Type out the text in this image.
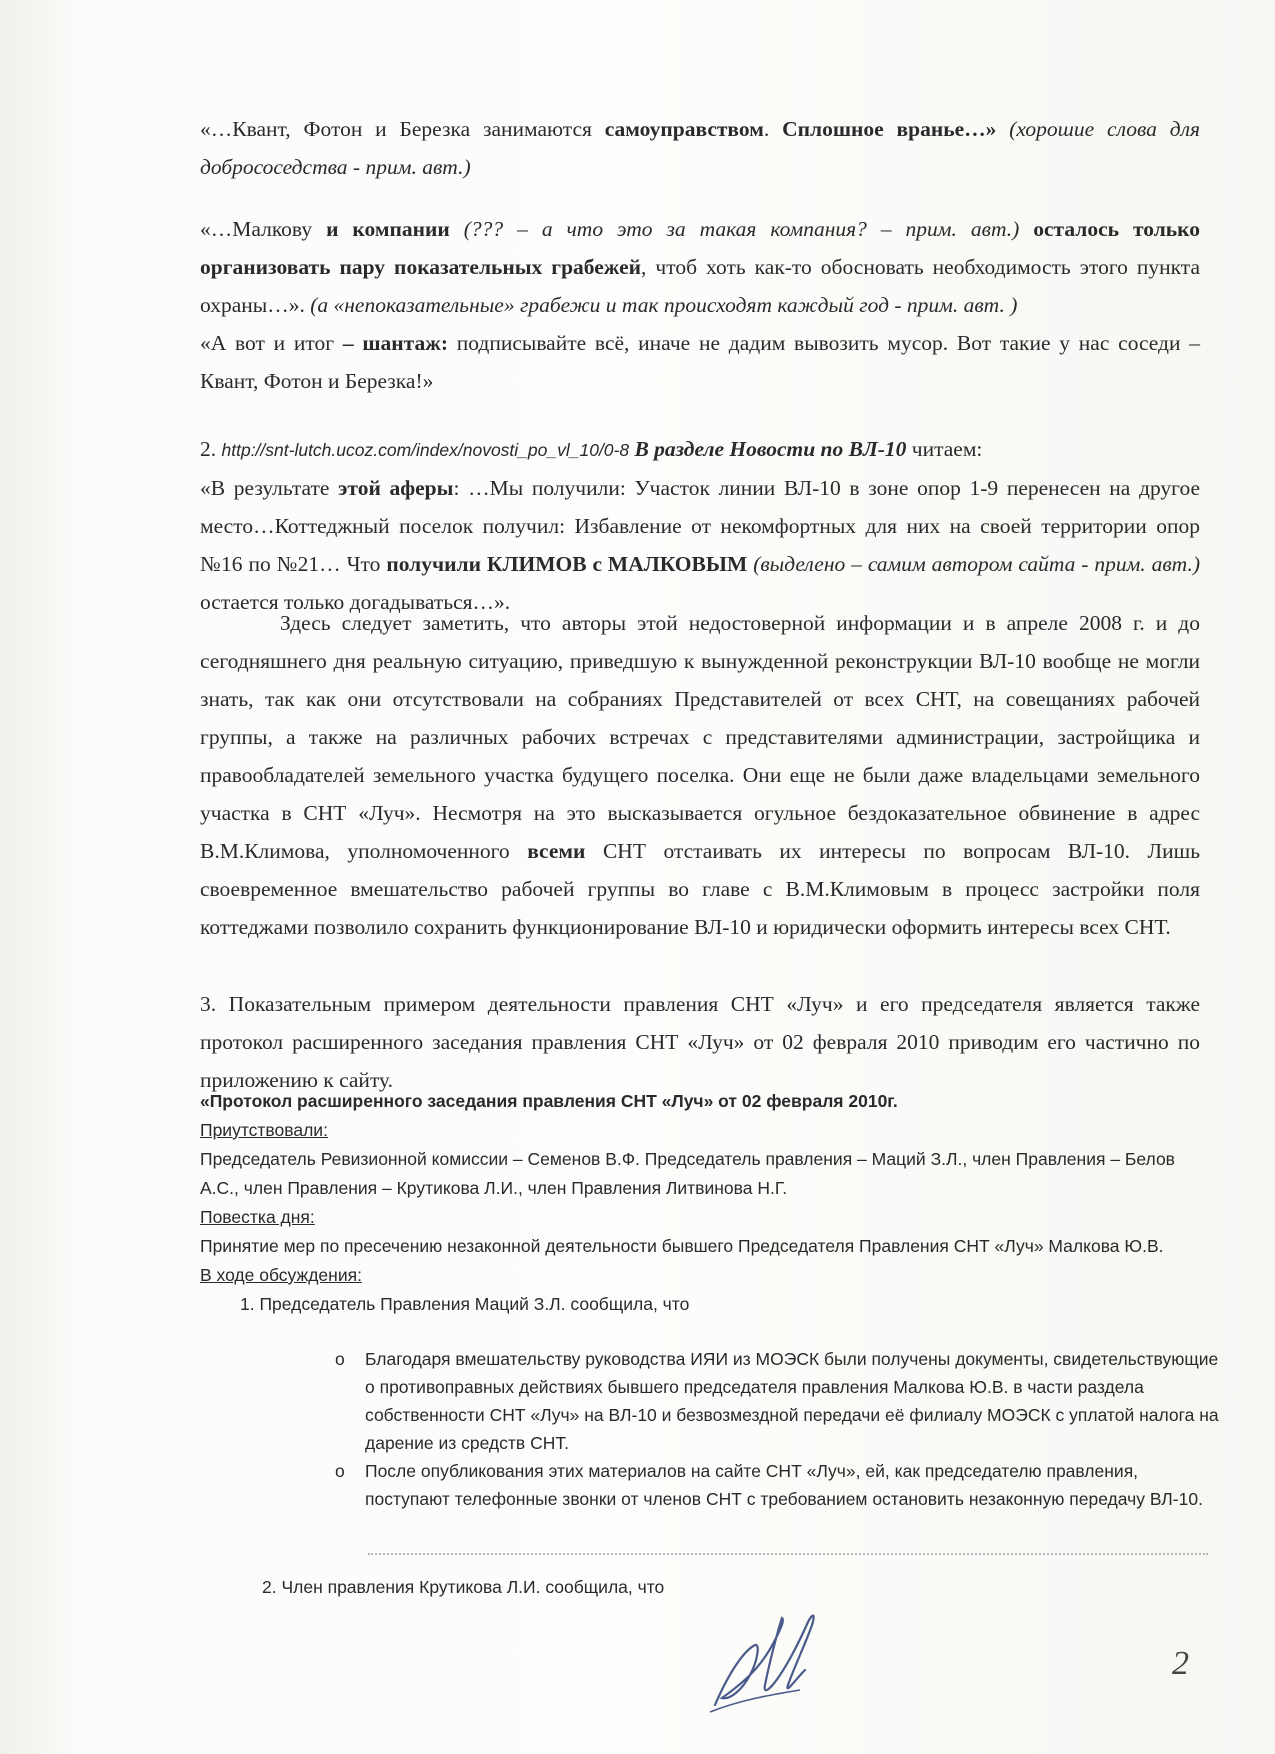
«…Квант, Фотон и Березка занимаются самоуправством. Сплошное вранье…» (хорошие слова для добрососедства - прим. авт.)

«…Малкову и компании (??? – а что это за такая компания? – прим. авт.) осталось только организовать пару показательных грабежей, чтоб хоть как-то обосновать необходимость этого пункта охраны…». (а «непоказательные» грабежи и так происходят каждый год - прим. авт. )

«А вот и итог – шантаж: подписывайте всё, иначе не дадим вывозить мусор. Вот такие у нас соседи – Квант, Фотон и Березка!»

2. http://snt-lutch.ucoz.com/index/novosti_po_vl_10/0-8 В разделе Новости по ВЛ-10 читаем:

«В результате этой аферы: …Мы получили: Участок линии ВЛ-10 в зоне опор 1-9 перенесен на другое место…Коттеджный поселок получил: Избавление от некомфортных для них на своей территории опор №16 по №21… Что получили КЛИМОВ с МАЛКОВЫМ (выделено – самим автором сайта - прим. авт.) остается только догадываться…».

Здесь следует заметить, что авторы этой недостоверной информации и в апреле 2008 г. и до сегодняшнего дня реальную ситуацию, приведшую к вынужденной реконструкции ВЛ-10 вообще не могли знать, так как они отсутствовали на собраниях Представителей от всех СНТ, на совещаниях рабочей группы, а также на различных рабочих встречах с представителями администрации, застройщика и правообладателей земельного участка будущего поселка. Они еще не были даже владельцами земельного участка в СНТ «Луч». Несмотря на это высказывается огульное бездоказательное обвинение в адрес В.М.Климова, уполномоченного всеми СНТ отстаивать их интересы по вопросам ВЛ-10. Лишь своевременное вмешательство рабочей группы во главе с В.М.Климовым в процесс застройки поля коттеджами позволило сохранить функционирование ВЛ-10 и юридически оформить интересы всех СНТ.

3. Показательным примером деятельности правления СНТ «Луч» и его председателя является также протокол расширенного заседания правления СНТ «Луч» от 02 февраля 2010 приводим его частично по приложению к сайту.

«Протокол расширенного заседания правления СНТ «Луч» от 02 февраля 2010г.
Приутствовали:
Председатель Ревизионной комиссии – Семенов В.Ф. Председатель правления – Маций З.Л., член Правления – Белов А.С., член Правления – Крутикова Л.И., член Правления Литвинова Н.Г.
Повестка дня:
Принятие мер по пресечению незаконной деятельности бывшего Председателя Правления СНТ «Луч» Малкова Ю.В.
В ходе обсуждения:
1. Председатель Правления Маций З.Л. сообщила, что
o Благодаря вмешательству руководства ИЯИ из МОЭСК были получены документы, свидетельствующие о противоправных действиях бывшего председателя правления Малкова Ю.В. в части раздела собственности СНТ «Луч» на ВЛ-10 и безвозмездной передачи её филиалу МОЭСК с уплатой налога на дарение из средств СНТ.
o После опубликования этих материалов на сайте СНТ «Луч», ей, как председателю правления, поступают телефонные звонки от членов СНТ с требованием остановить незаконную передачу ВЛ-10.
2. Член правления Крутикова Л.И. сообщила, что
2
